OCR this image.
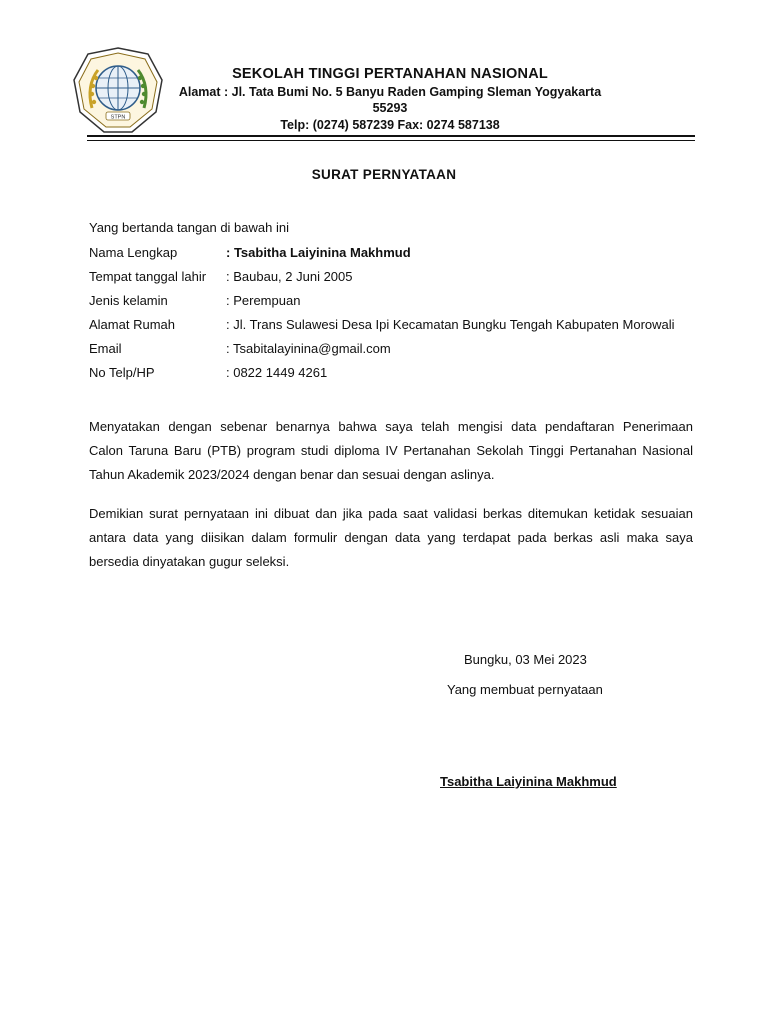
STPN
SEKOLAH TINGGI PERTANAHAN NASIONAL
Alamat : Jl. Tata Bumi No. 5 Banyu Raden Gamping Sleman Yogyakarta
55293
Telp: (0274) 587239 Fax: 0274 587138
SURAT PERNYATAAN
Yang bertanda tangan di bawah ini
Nama Lengkap	: Tsabitha Laiyinina Makhmud
Tempat tanggal lahir : Baubau, 2 Juni 2005
Jenis kelamin	: Perempuan
Alamat Rumah	: Jl. Trans Sulawesi Desa Ipi Kecamatan Bungku Tengah Kabupaten Morowali
Email	: Tsabitalayinina@gmail.com
No Telp/HP	: 0822 1449 4261
Menyatakan dengan sebenar benarnya bahwa saya telah mengisi data pendaftaran Penerimaan
Calon Taruna Baru (PTB) program studi diploma IV Pertanahan Sekolah Tinggi Pertanahan Nasional
Tahun Akademik 2023/2024 dengan benar dan sesuai dengan aslinya.
Demikian surat pernyataan ini dibuat dan jika pada saat validasi berkas ditemukan ketidak sesuaian
antara data yang diisikan dalam formulir dengan data yang terdapat pada berkas asli maka saya
bersedia dinyatakan gugur seleksi.
Bungku, 03 Mei 2023
Yang membuat pernyataan
Tsabitha Laiyinina Makhmud
